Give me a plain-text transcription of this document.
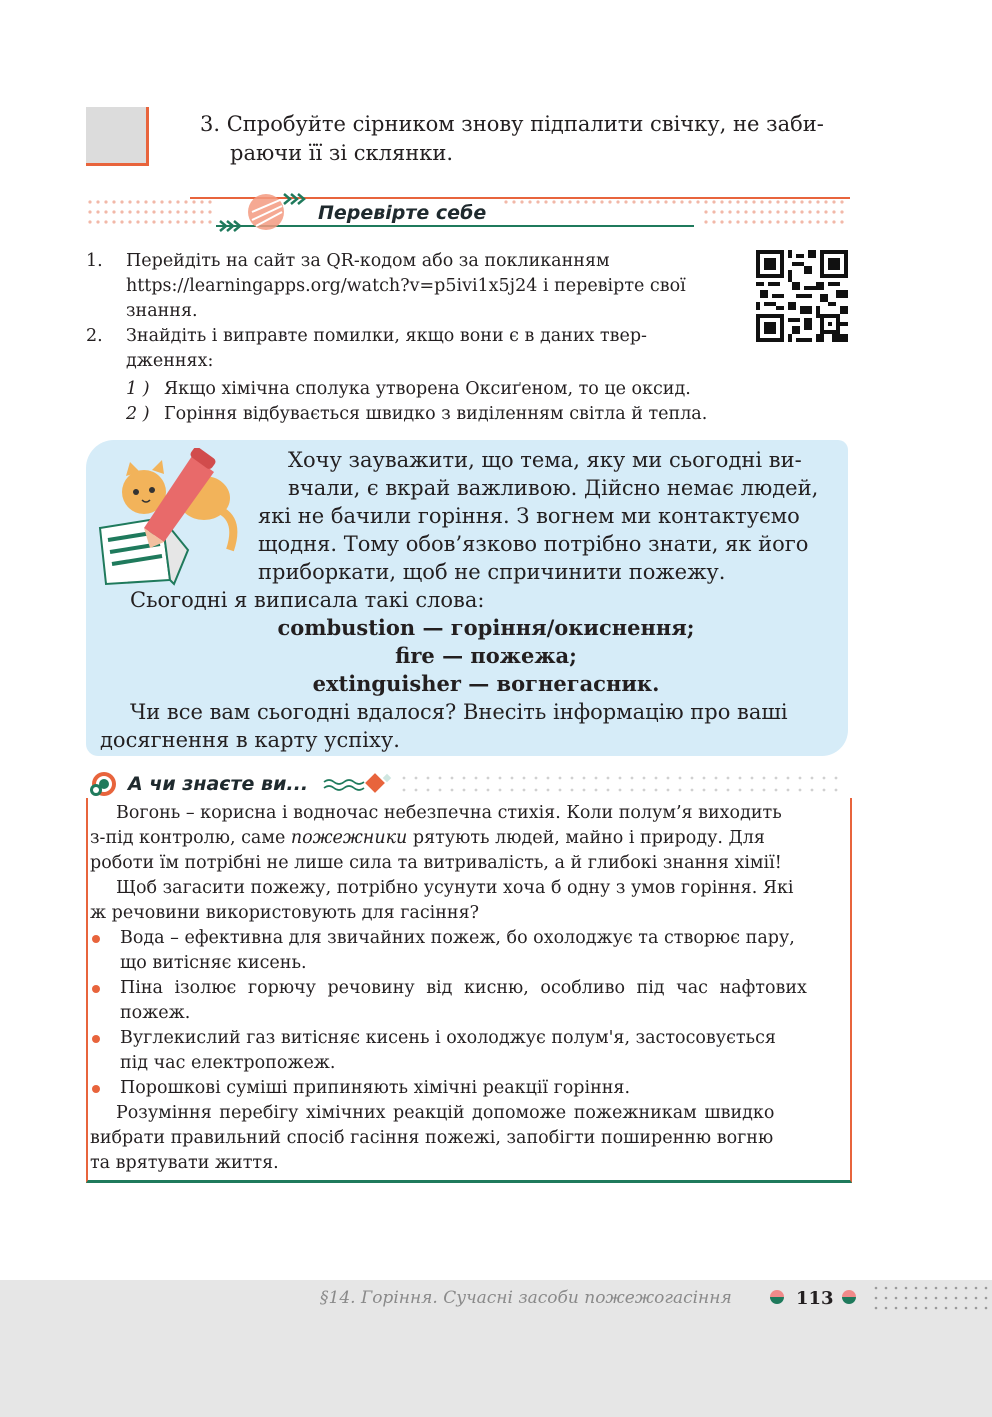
3. Спробуйте сірником знову підпалити свічку, не заби-
раючи її зі склянки.
Перевірте себе
1. Перейдіть на сайт за QR-кодом або за покликанням
https://learningapps.org/watch?v=p5ivi1x5j24 і перевірте свої
знання.
2. Знайдіть і виправте помилки, якщо вони є в даних твер-
дженнях:
1 ) Якщо хімічна сполука утворена Оксиґеном, то це оксид.
2 ) Горіння відбувається швидко з виділенням світла й тепла.
Хочу зауважити, що тема, яку ми сьогодні ви-
вчали, є вкрай важливою. Дійсно немає людей,
які не бачили горіння. З вогнем ми контактуємо
щодня. Тому обов’язково потрібно знати, як його
приборкати, щоб не спричинити пожежу.
Сьогодні я виписала такі слова:
combustion — горіння/окиснення;
fire — пожежа;
extinguisher — вогнегасник.
Чи все вам сьогодні вдалося? Внесіть інформацію про ваші
досягнення в карту успіху.
А чи знаєте ви...
Вогонь – корисна і водночас небезпечна стихія. Коли полум’я виходить
з-під контролю, саме пожежники рятують людей, майно і природу. Для
роботи їм потрібні не лише сила та витривалість, а й глибокі знання хімії!
Щоб загасити пожежу, потрібно усунути хоча б одну з умов горіння. Які
ж речовини використовують для гасіння?
Вода – ефективна для звичайних пожеж, бо охолоджує та створює пару,
що витісняє кисень.
Піна ізолює горючу речовину від кисню, особливо під час нафтових
пожеж.
Вуглекислий газ витісняє кисень і охолоджує полум'я, застосовується
під час електропожеж.
Порошкові суміші припиняють хімічні реакції горіння.
Розуміння перебігу хімічних реакцій допоможе пожежникам швидко
вибрати правильний спосіб гасіння пожежі, запобігти поширенню вогню
та врятувати життя.
§14. Горіння. Сучасні засоби пожежогасіння	113
